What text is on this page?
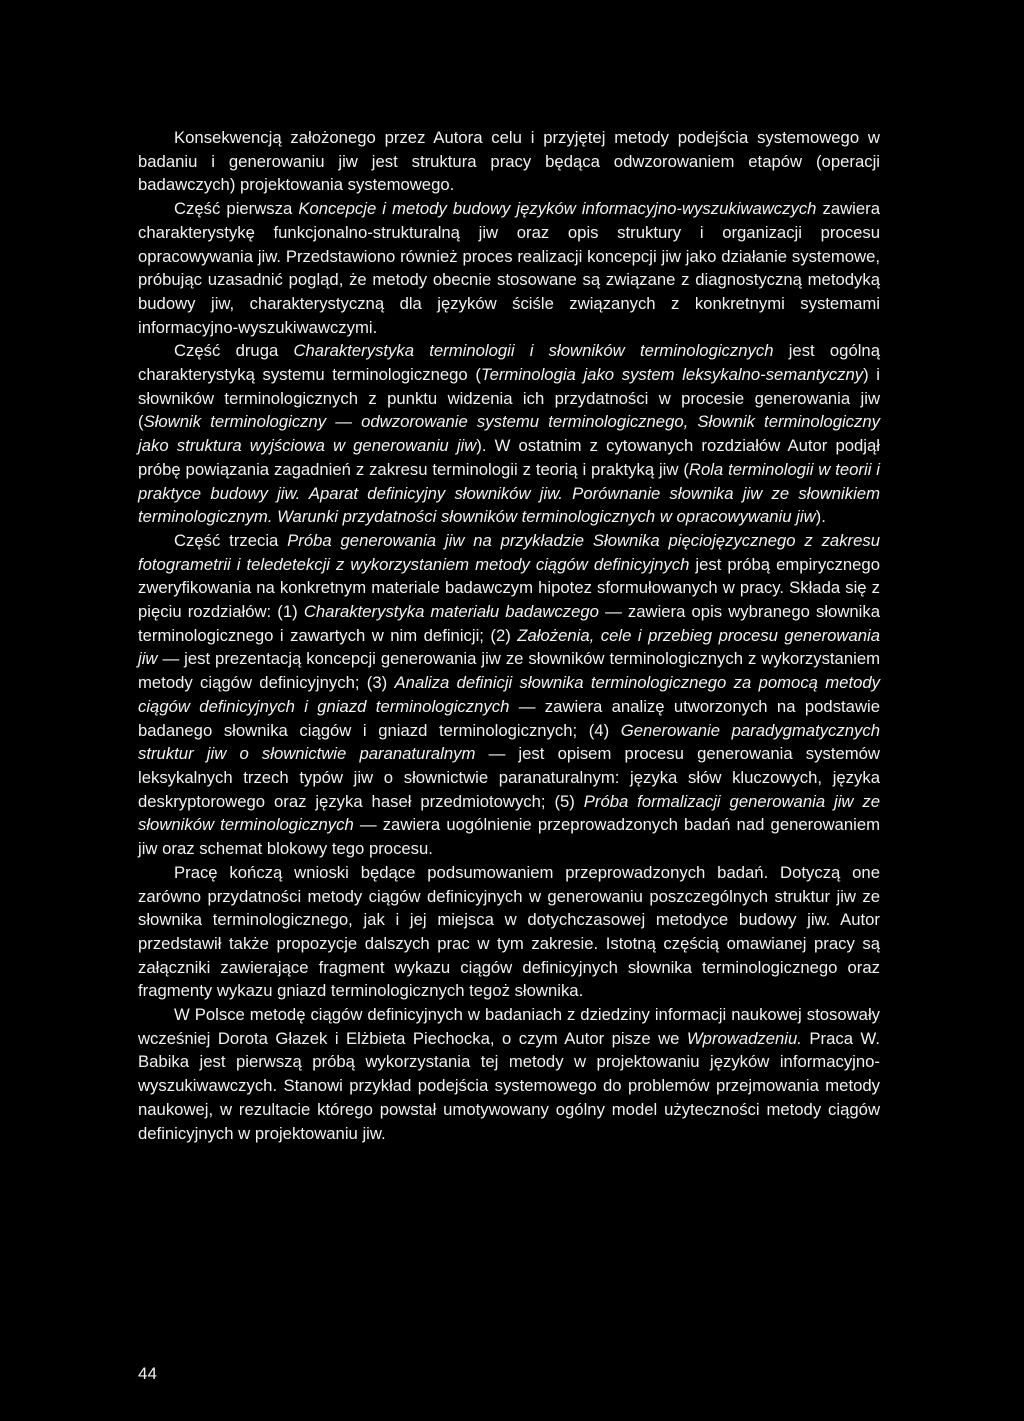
Konsekwencją założonego przez Autora celu i przyjętej metody podejścia systemowego w badaniu i generowaniu jiw jest struktura pracy będąca odwzorowaniem etapów (operacji badawczych) projektowania systemowego.

Część pierwsza Koncepcje i metody budowy języków informacyjno-wyszukiwawczych zawiera charakterystykę funkcjonalno-strukturalną jiw oraz opis struktury i organizacji procesu opracowywania jiw. Przedstawiono również proces realizacji koncepcji jiw jako działanie systemowe, próbując uzasadnić pogląd, że metody obecnie stosowane są związane z diagnostyczną metodyką budowy jiw, charakterystyczną dla języków ściśle związanych z konkretnymi systemami informacyjno-wyszukiwawczymi.

Część druga Charakterystyka terminologii i słowników terminologicznych jest ogólną charakterystyką systemu terminologicznego (Terminologia jako system leksykalno-semantyczny) i słowników terminologicznych z punktu widzenia ich przydatności w procesie generowania jiw (Słownik terminologiczny — odwzorowanie systemu terminologicznego, Słownik terminologiczny jako struktura wyjściowa w generowaniu jiw). W ostatnim z cytowanych rozdziałów Autor podjął próbę powiązania zagadnień z zakresu terminologii z teorią i praktyką jiw (Rola terminologii w teorii i praktyce budowy jiw. Aparat definicyjny słowników jiw. Porównanie słownika jiw ze słownikiem terminologicznym. Warunki przydatności słowników terminologicznych w opracowywaniu jiw).

Część trzecia Próba generowania jiw na przykładzie Słownika pięciojęzycznego z zakresu fotogrametrii i teledetekcji z wykorzystaniem metody ciągów definicyjnych jest próbą empirycznego zweryfikowania na konkretnym materiale badawczym hipotez sformułowanych w pracy. Składa się z pięciu rozdziałów: (1) Charakterystyka materiału badawczego — zawiera opis wybranego słownika terminologicznego i zawartych w nim definicji; (2) Założenia, cele i przebieg procesu generowania jiw — jest prezentacją koncepcji generowania jiw ze słowników terminologicznych z wykorzystaniem metody ciągów definicyjnych; (3) Analiza definicji słownika terminologicznego za pomocą metody ciągów definicyjnych i gniazd terminologicznych — zawiera analizę utworzonych na podstawie badanego słownika ciągów i gniazd terminologicznych; (4) Generowanie paradygmatycznych struktur jiw o słownictwie paranaturalnym — jest opisem procesu generowania systemów leksykalnych trzech typów jiw o słownictwie paranaturalnym: języka słów kluczowych, języka deskryptorowego oraz języka haseł przedmiotowych; (5) Próba formalizacji generowania jiw ze słowników terminologicznych — zawiera uogólnienie przeprowadzonych badań nad generowaniem jiw oraz schemat blokowy tego procesu.

Pracę kończą wnioski będące podsumowaniem przeprowadzonych badań. Dotyczą one zarówno przydatności metody ciągów definicyjnych w generowaniu poszczególnych struktur jiw ze słownika terminologicznego, jak i jej miejsca w dotychczasowej metodyce budowy jiw. Autor przedstawił także propozycje dalszych prac w tym zakresie. Istotną częścią omawianej pracy są załączniki zawierające fragment wykazu ciągów definicyjnych słownika terminologicznego oraz fragmenty wykazu gniazd terminologicznych tegoż słownika.

W Polsce metodę ciągów definicyjnych w badaniach z dziedziny informacji naukowej stosowały wcześniej Dorota Głazek i Elżbieta Piechocka, o czym Autor pisze we Wprowadzeniu. Praca W. Babika jest pierwszą próbą wykorzystania tej metody w projektowaniu języków informacyjno-wyszukiwawczych. Stanowi przykład podejścia systemowego do problemów przejmowania metody naukowej, w rezultacie którego powstał umotywowany ogólny model użyteczności metody ciągów definicyjnych w projektowaniu jiw.

44
